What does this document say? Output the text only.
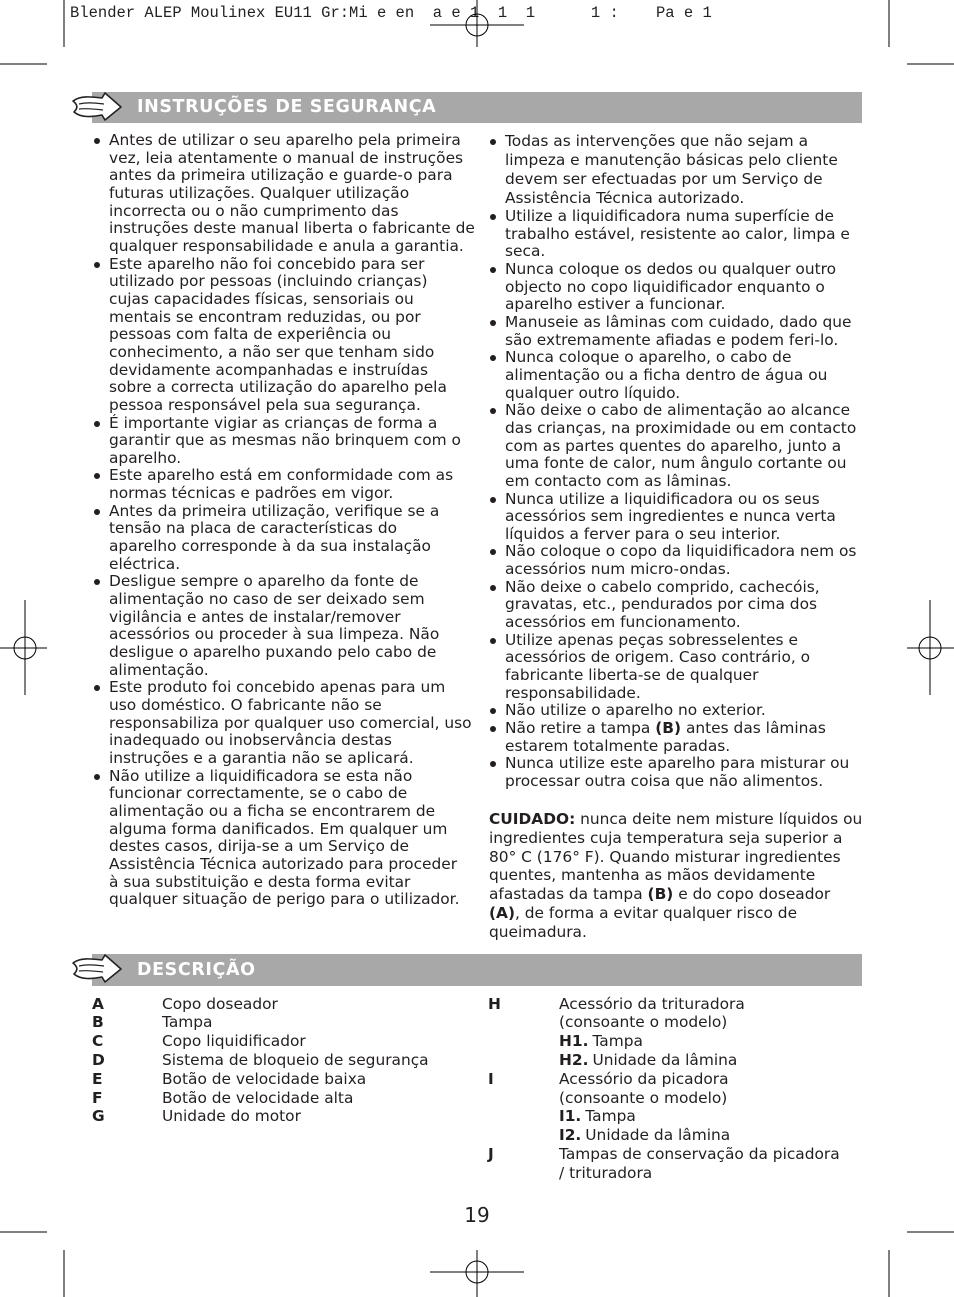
Blender ALEP Moulinex EU11 Gr:Mi e en  a e 1  1  1      1 :    Pa e 1
INSTRUÇÕES DE SEGURANÇA
Antes de utilizar o seu aparelho pela primeira
vez, leia atentamente o manual de instruções
antes da primeira utilização e guarde-o para
futuras utilizações. Qualquer utilização
incorrecta ou o não cumprimento das
instruções deste manual liberta o fabricante de
qualquer responsabilidade e anula a garantia.
Este aparelho não foi concebido para ser
utilizado por pessoas (incluindo crianças)
cujas capacidades físicas, sensoriais ou
mentais se encontram reduzidas, ou por
pessoas com falta de experiência ou
conhecimento, a não ser que tenham sido
devidamente acompanhadas e instruídas
sobre a correcta utilização do aparelho pela
pessoa responsável pela sua segurança.
É importante vigiar as crianças de forma a
garantir que as mesmas não brinquem com o
aparelho.
Este aparelho está em conformidade com as
normas técnicas e padrões em vigor.
Antes da primeira utilização, verifique se a
tensão na placa de características do
aparelho corresponde à da sua instalação
eléctrica.
Desligue sempre o aparelho da fonte de
alimentação no caso de ser deixado sem
vigilância e antes de instalar/remover
acessórios ou proceder à sua limpeza. Não
desligue o aparelho puxando pelo cabo de
alimentação.
Este produto foi concebido apenas para um
uso doméstico. O fabricante não se
responsabiliza por qualquer uso comercial, uso
inadequado ou inobservância destas
instruções e a garantia não se aplicará.
Não utilize a liquidificadora se esta não
funcionar correctamente, se o cabo de
alimentação ou a ficha se encontrarem de
alguma forma danificados. Em qualquer um
destes casos, dirija-se a um Serviço de
Assistência Técnica autorizado para proceder
à sua substituição e desta forma evitar
qualquer situação de perigo para o utilizador.
Todas as intervenções que não sejam a
limpeza e manutenção básicas pelo cliente
devem ser efectuadas por um Serviço de
Assistência Técnica autorizado.
Utilize a liquidificadora numa superfície de
trabalho estável, resistente ao calor, limpa e
seca.
Nunca coloque os dedos ou qualquer outro
objecto no copo liquidificador enquanto o
aparelho estiver a funcionar.
Manuseie as lâminas com cuidado, dado que
são extremamente afiadas e podem feri-lo.
Nunca coloque o aparelho, o cabo de
alimentação ou a ficha dentro de água ou
qualquer outro líquido.
Não deixe o cabo de alimentação ao alcance
das crianças, na proximidade ou em contacto
com as partes quentes do aparelho, junto a
uma fonte de calor, num ângulo cortante ou
em contacto com as lâminas.
Nunca utilize a liquidificadora ou os seus
acessórios sem ingredientes e nunca verta
líquidos a ferver para o seu interior.
Não coloque o copo da liquidificadora nem os
acessórios num micro-ondas.
Não deixe o cabelo comprido, cachecóis,
gravatas, etc., pendurados por cima dos
acessórios em funcionamento.
Utilize apenas peças sobresselentes e
acessórios de origem. Caso contrário, o
fabricante liberta-se de qualquer
responsabilidade.
Não utilize o aparelho no exterior.
Não retire a tampa (B) antes das lâminas
estarem totalmente paradas.
Nunca utilize este aparelho para misturar ou
processar outra coisa que não alimentos.
CUIDADO: nunca deite nem misture líquidos ou
ingredientes cuja temperatura seja superior a
80° C (176° F). Quando misturar ingredientes
quentes, mantenha as mãos devidamente
afastadas da tampa (B) e do copo doseador
(A), de forma a evitar qualquer risco de
queimadura.
DESCRIÇÃO
A	Copo doseador
B	Tampa
C	Copo liquidificador
D	Sistema de bloqueio de segurança
E	Botão de velocidade baixa
F	Botão de velocidade alta
G	Unidade do motor
H	Acessório da trituradora
(consoante o modelo)
H1. Tampa
H2. Unidade da lâmina
I	Acessório da picadora
(consoante o modelo)
I1. Tampa
I2. Unidade da lâmina
J	Tampas de conservação da picadora
/ trituradora
19
